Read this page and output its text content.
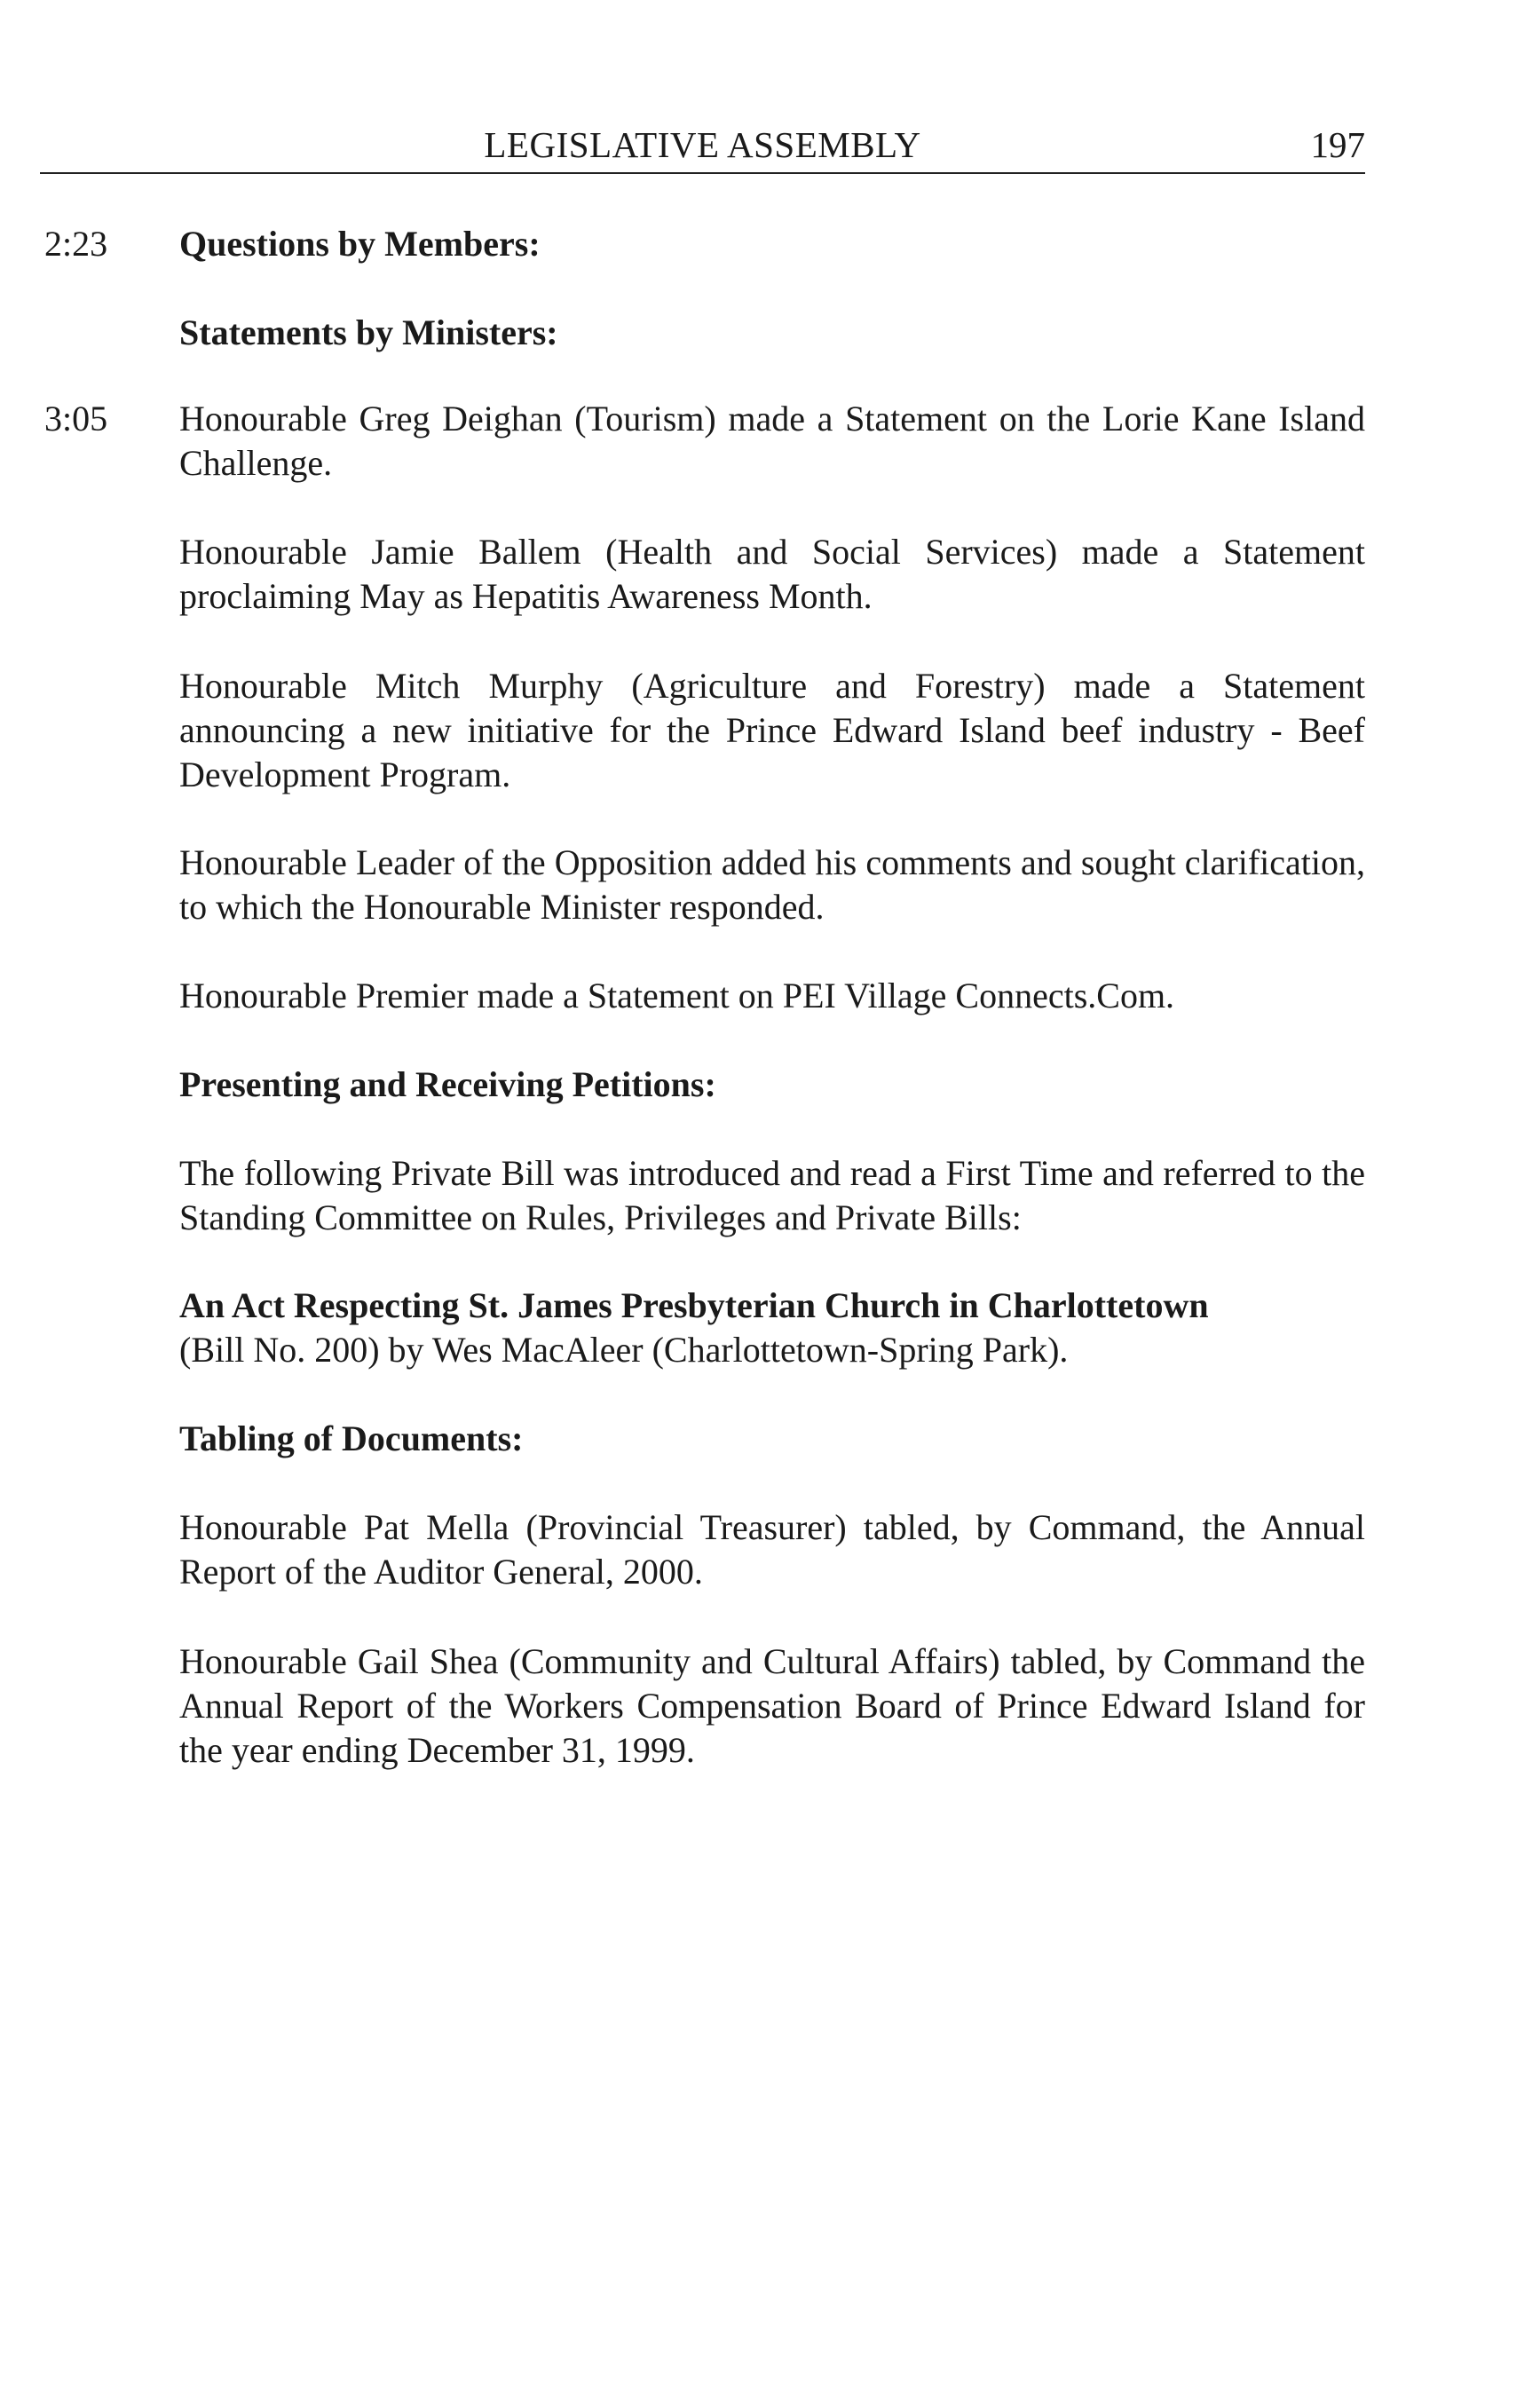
LEGISLATIVE ASSEMBLY	197
2:23 Questions by Members:

Statements by Ministers:

3:05 Honourable Greg Deighan (Tourism) made a Statement on the Lorie Kane Island Challenge.

Honourable Jamie Ballem (Health and Social Services) made a Statement proclaiming May as Hepatitis Awareness Month.

Honourable Mitch Murphy (Agriculture and Forestry) made a Statement announcing a new initiative for the Prince Edward Island beef industry - Beef Development Program.

Honourable Leader of the Opposition added his comments and sought clarification, to which the Honourable Minister responded.

Honourable Premier made a Statement on PEI Village Connects.Com.

Presenting and Receiving Petitions:

The following Private Bill was introduced and read a First Time and referred to the Standing Committee on Rules, Privileges and Private Bills:

An Act Respecting St. James Presbyterian Church in Charlottetown
(Bill No. 200) by Wes MacAleer (Charlottetown-Spring Park).

Tabling of Documents:

Honourable Pat Mella (Provincial Treasurer) tabled, by Command, the Annual Report of the Auditor General, 2000.

Honourable Gail Shea (Community and Cultural Affairs) tabled, by Command the Annual Report of the Workers Compensation Board of Prince Edward Island for the year ending December 31, 1999.
